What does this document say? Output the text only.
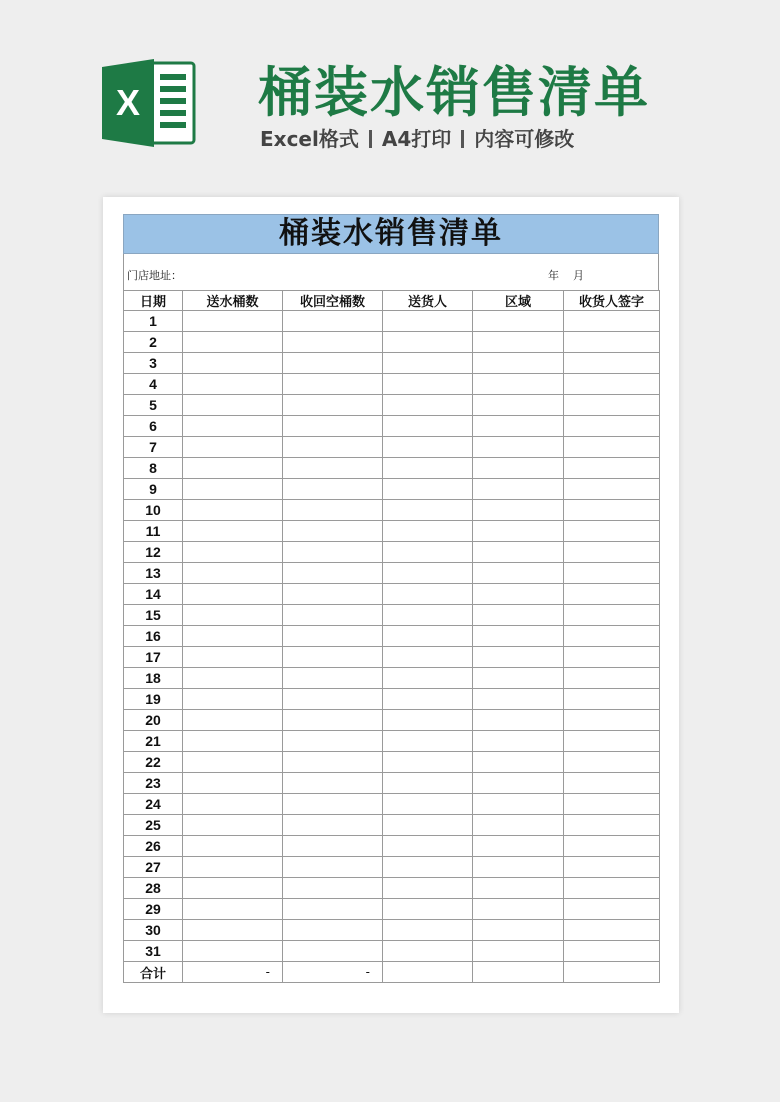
X 桶装水销售清单
Excel格式 A4打印 内容可修改
桶装水销售清单
门店地址：	年 月
日期	送水桶数	收回空桶数	送货人	区域	收货人签字
1					
2					
3					
4					
5					
6					
7					
8					
9					
10					
11					
12					
13					
14					
15					
16					
17					
18					
19					
20					
21					
22					
23					
24					
25					
26					
27					
28					
29					
30					
31					
合计	-	-			
